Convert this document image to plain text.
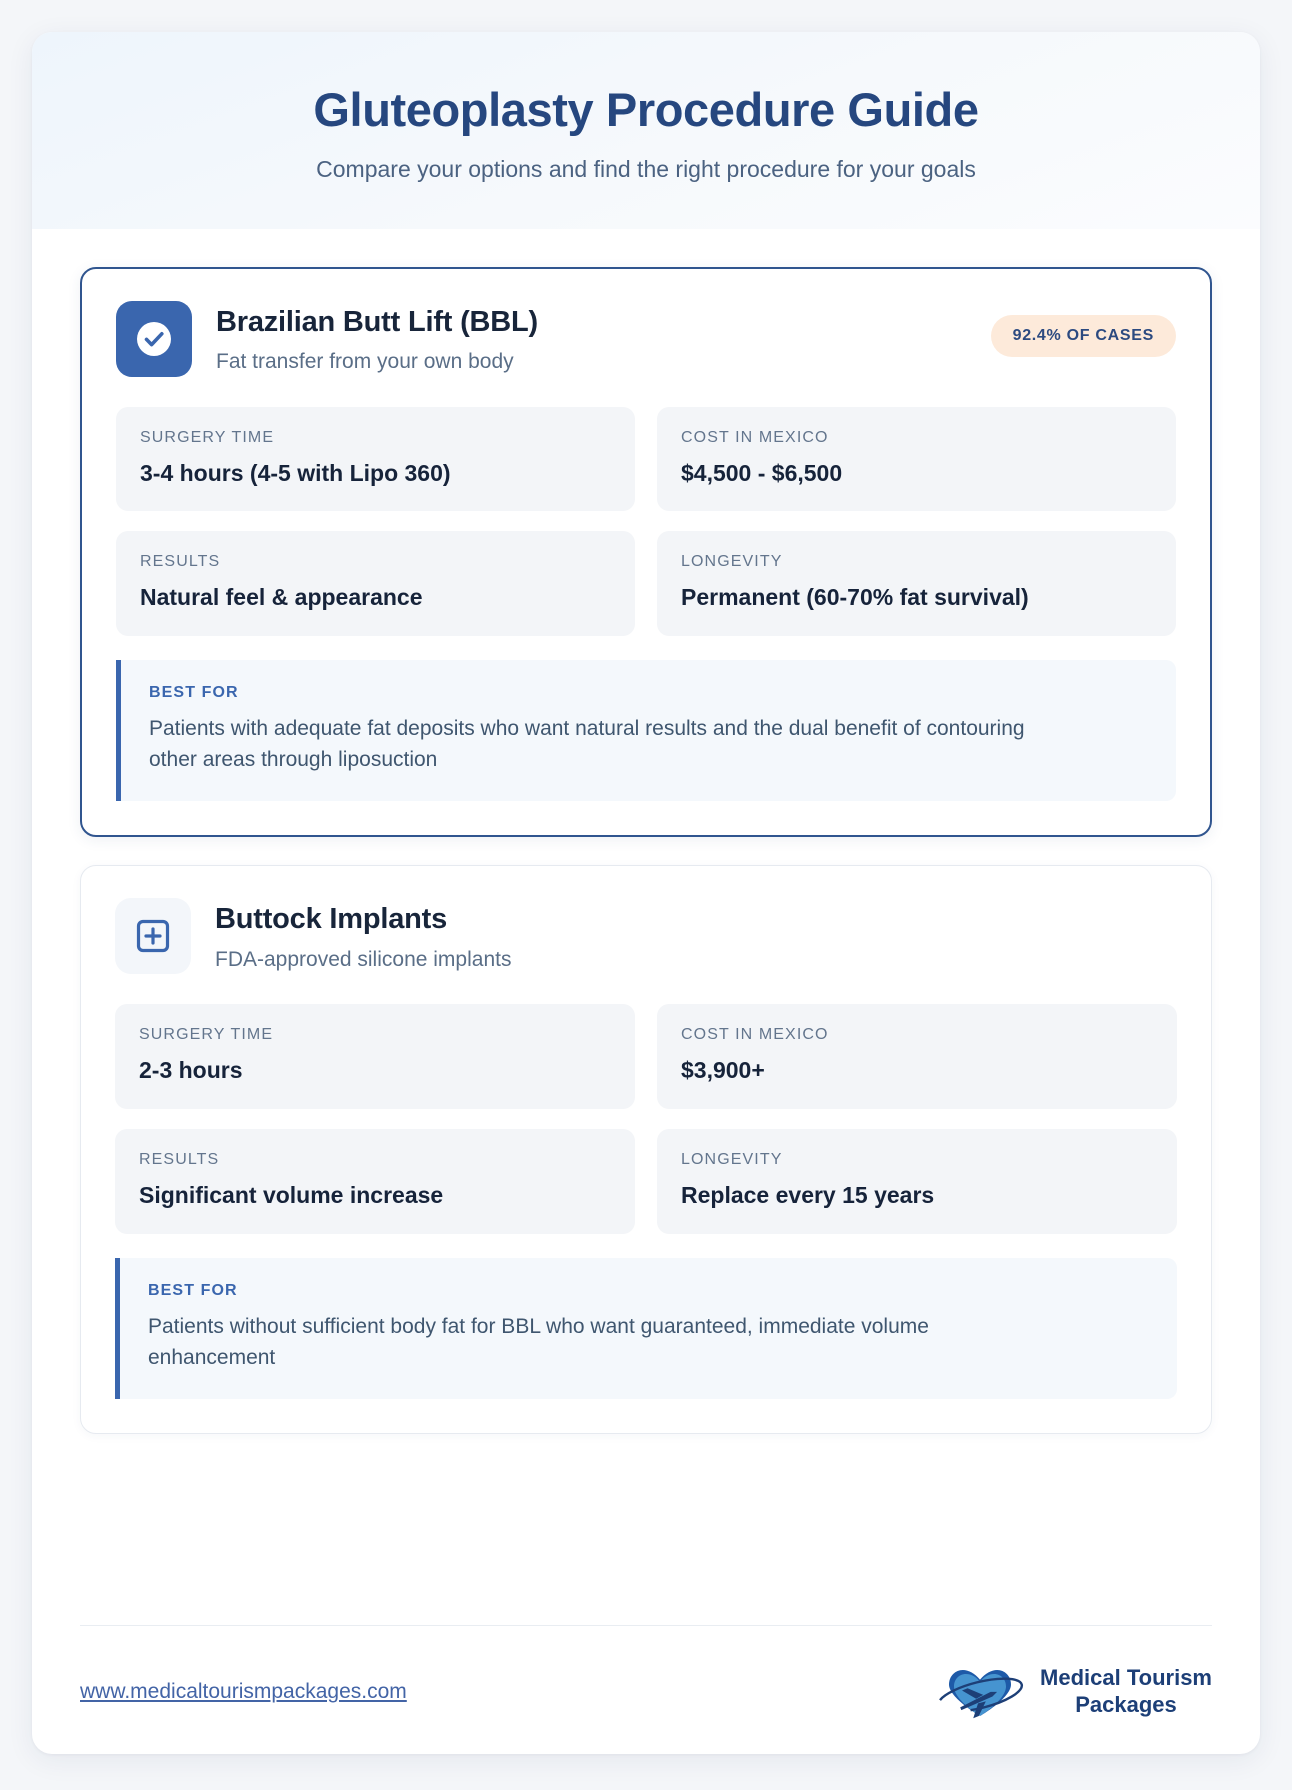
Gluteoplasty Procedure Guide

Compare your options and find the right procedure for your goals

Brazilian Butt Lift (BBL)
Fat transfer from your own body
92.4% OF CASES
SURGERY TIME
3-4 hours (4-5 with Lipo 360)
COST IN MEXICO
$4,500 - $6,500
RESULTS
Natural feel & appearance
LONGEVITY
Permanent (60-70% fat survival)
BEST FOR
Patients with adequate fat deposits who want natural results and the dual benefit of contouring other areas through liposuction
Buttock Implants
FDA-approved silicone implants
SURGERY TIME
2-3 hours
COST IN MEXICO
$3,900+
RESULTS
Significant volume increase
LONGEVITY
Replace every 15 years
BEST FOR
Patients without sufficient body fat for BBL who want guaranteed, immediate volume enhancement
www.medicaltourismpackages.com
Medical Tourism
Packages
